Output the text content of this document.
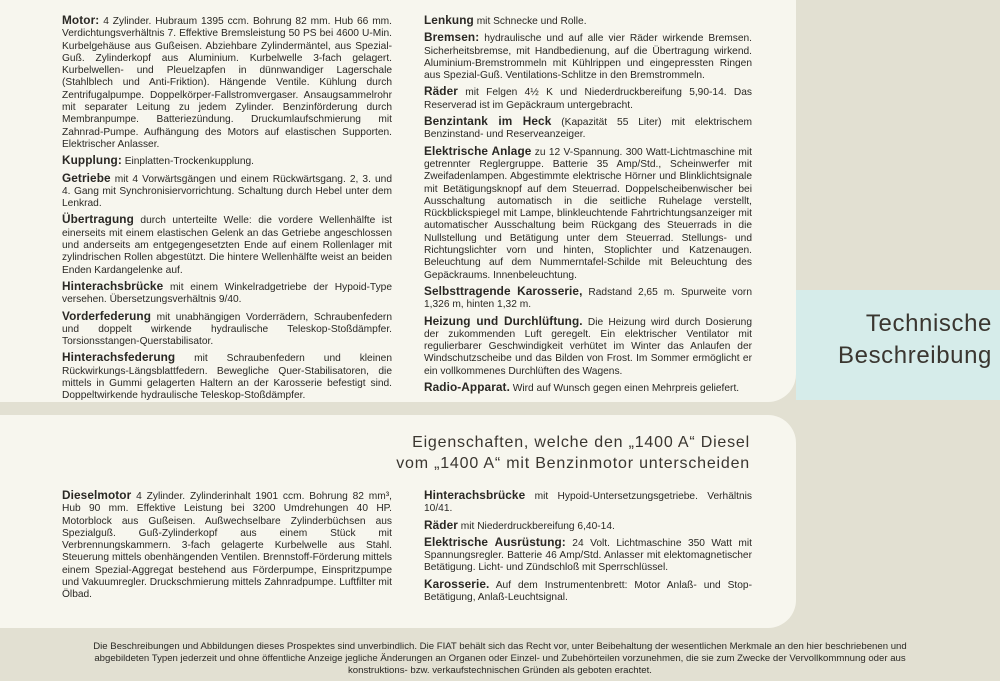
Motor: 4 Zylinder. Hubraum 1395 ccm. Bohrung 82 mm. Hub 66 mm. Verdichtungsverhältnis 7. Effektive Bremsleistung 50 PS bei 4600 U-Min. Kurbelgehäuse aus Gußeisen. Abziehbare Zylindermäntel, aus Spezial-Guß. Zylinderkopf aus Aluminium. Kurbelwelle 3-fach gelagert. Kurbelwellen- und Pleuelzapfen in dünnwandiger Lagerschale (Stahlblech und Anti-Friktion). Hängende Ventile. Kühlung durch Zentrifugalpumpe. Doppelkörper-Fallstromvergaser. Ansaugsammelrohr mit separater Leitung zu jedem Zylinder. Benzinförderung durch Membranpumpe. Batteriezündung. Druckumlaufschmierung mit Zahnrad-Pumpe. Aufhängung des Motors auf elastischen Supporten. Elektrischer Anlasser.

Kupplung: Einplatten-Trockenkupplung.

Getriebe mit 4 Vorwärtsgängen und einem Rückwärtsgang. 2, 3. und 4. Gang mit Synchronisiervorrichtung. Schaltung durch Hebel unter dem Lenkrad.

Übertragung durch unterteilte Welle: die vordere Wellenhälfte ist einerseits mit einem elastischen Gelenk an das Getriebe angeschlossen und anderseits am entgegengesetzten Ende auf einem Rollenlager mit zylindrischen Rollen abgestützt. Die hintere Wellenhälfte weist an beiden Enden Kardangelenke auf.

Hinterachsbrücke mit einem Winkelradgetriebe der Hypoid-Type versehen. Übersetzungsverhältnis 9/40.

Vorderfederung mit unabhängigen Vorderrädern, Schraubenfedern und doppelt wirkende hydraulische Teleskop-Stoßdämpfer. Torsionsstangen-Querstabilisator.

Hinterachsfederung mit Schraubenfedern und kleinen Rückwirkungs-Längsblattfedern. Bewegliche Quer-Stabilisatoren, die mittels in Gummi gelagerten Haltern an der Karosserie befestigt sind. Doppeltwirkende hydraulische Teleskop-Stoßdämpfer.

Lenkung mit Schnecke und Rolle.

Bremsen: hydraulische und auf alle vier Räder wirkende Bremsen. Sicherheitsbremse, mit Handbedienung, auf die Übertragung wirkend. Aluminium-Bremstrommeln mit Kühlrippen und eingepressten Ringen aus Spezial-Guß. Ventilations-Schlitze in den Bremstrommeln.

Räder mit Felgen 4½ K und Niederdruckbereifung 5,90-14. Das Reserverad ist im Gepäckraum untergebracht.

Benzintank im Heck (Kapazität 55 Liter) mit elektrischem Benzinstand- und Reserveanzeiger.

Elektrische Anlage zu 12 V-Spannung. 300 Watt-Lichtmaschine mit getrennter Reglergruppe. Batterie 35 Amp/Std., Scheinwerfer mit Zweifadenlampen. Abgestimmte elektrische Hörner und Blinklichtsignale mit Betätigungsknopf auf dem Steuerrad. Doppelscheibenwischer bei Ausschaltung automatisch in die seitliche Ruhelage verstellt, Rückblickspiegel mit Lampe, blinkleuchtende Fahrtrichtungsanzeiger mit automatischer Ausschaltung beim Rückgang des Steuerrads in die Nullstellung und Betätigung unter dem Steuerrad. Stellungs- und Richtungslichter vorn und hinten, Stoplichter und Katzenaugen. Beleuchtung auf dem Nummerntafel-Schilde mit Beleuchtung des Gepäckraums. Innenbeleuchtung.

Selbsttragende Karosserie, Radstand 2,65 m. Spurweite vorn 1,326 m, hinten 1,32 m.

Heizung und Durchlüftung. Die Heizung wird durch Dosierung der zukommenden Luft geregelt. Ein elektrischer Ventilator mit regulierbarer Geschwindigkeit verhütet im Winter das Anlaufen der Windschutzscheibe und das Bilden von Frost. Im Sommer ermöglicht er ein vollkommenes Durchlüften des Wagens.

Radio-Apparat. Wird auf Wunsch gegen einen Mehrpreis geliefert.

Technische
Beschreibung
Eigenschaften, welche den „1400 A“ Diesel
vom „1400 A“ mit Benzinmotor unterscheiden

Dieselmotor 4 Zylinder. Zylinderinhalt 1901 ccm. Bohrung 82 mm³, Hub 90 mm. Effektive Leistung bei 3200 Umdrehungen 40 HP. Motorblock aus Gußeisen. Außwechselbare Zylinderbüchsen aus Spezialguß. Guß-Zylinderkopf aus einem Stück mit Verbrennungskammern. 3-fach gelagerte Kurbelwelle aus Stahl. Steuerung mittels obenhängenden Ventilen. Brennstoff-Förderung mittels einem Spezial-Aggregat bestehend aus Förderpumpe, Einspritzpumpe und Vakuumregler. Druckschmierung mittels Zahnradpumpe. Luftfilter mit Ölbad.

Hinterachsbrücke mit Hypoid-Untersetzungsgetriebe. Verhältnis 10/41.

Räder mit Niederdruckbereifung 6,40-14.

Elektrische Ausrüstung: 24 Volt. Lichtmaschine 350 Watt mit Spannungsregler. Batterie 46 Amp/Std. Anlasser mit elektomagnetischer Betätigung. Licht- und Zündschloß mit Sperrschlüssel.

Karosserie. Auf dem Instrumentenbrett: Motor Anlaß- und Stop-Betätigung, Anlaß-Leuchtsignal.

Die Beschreibungen und Abbildungen dieses Prospektes sind unverbindlich. Die FIAT behält sich das Recht vor, unter Beibehaltung der wesentlichen Merkmale an den hier beschriebenen und
abgebildeten Typen jederzeit und ohne öffentliche Anzeige jegliche Änderungen an Organen oder Einzel- und Zubehörteilen vorzunehmen, die sie zum Zwecke der Vervollkommnung oder aus
konstruktions- bzw. verkaufstechnischen Gründen als geboten erachtet.
